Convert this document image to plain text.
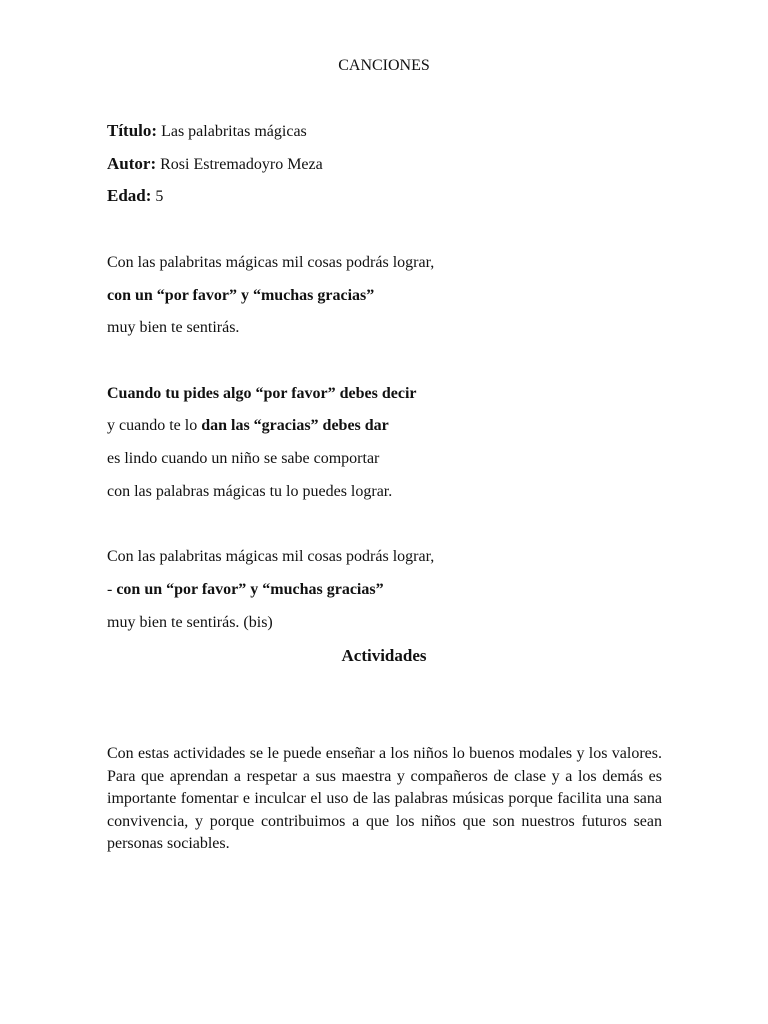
CANCIONES
Título: Las palabritas mágicas
Autor: Rosi Estremadoyro Meza
Edad: 5
Con las palabritas mágicas mil cosas podrás lograr,
con un “por favor” y “muchas gracias”
muy bien te sentirás.
Cuando tu pides algo “por favor” debes decir
y cuando te lo dan las “gracias” debes dar
es lindo cuando un niño se sabe comportar
con las palabras mágicas tu lo puedes lograr.
Con las palabritas mágicas mil cosas podrás lograr,
- con un “por favor” y “muchas gracias”
muy bien te sentirás. (bis)
Actividades
Con estas actividades se le puede enseñar a los niños lo buenos modales y los valores. Para que aprendan a respetar a sus maestra y compañeros de clase y a los demás es importante fomentar e inculcar el uso de las palabras músicas porque facilita una sana convivencia, y porque contribuimos a que los niños que son nuestros futuros sean personas sociables.
